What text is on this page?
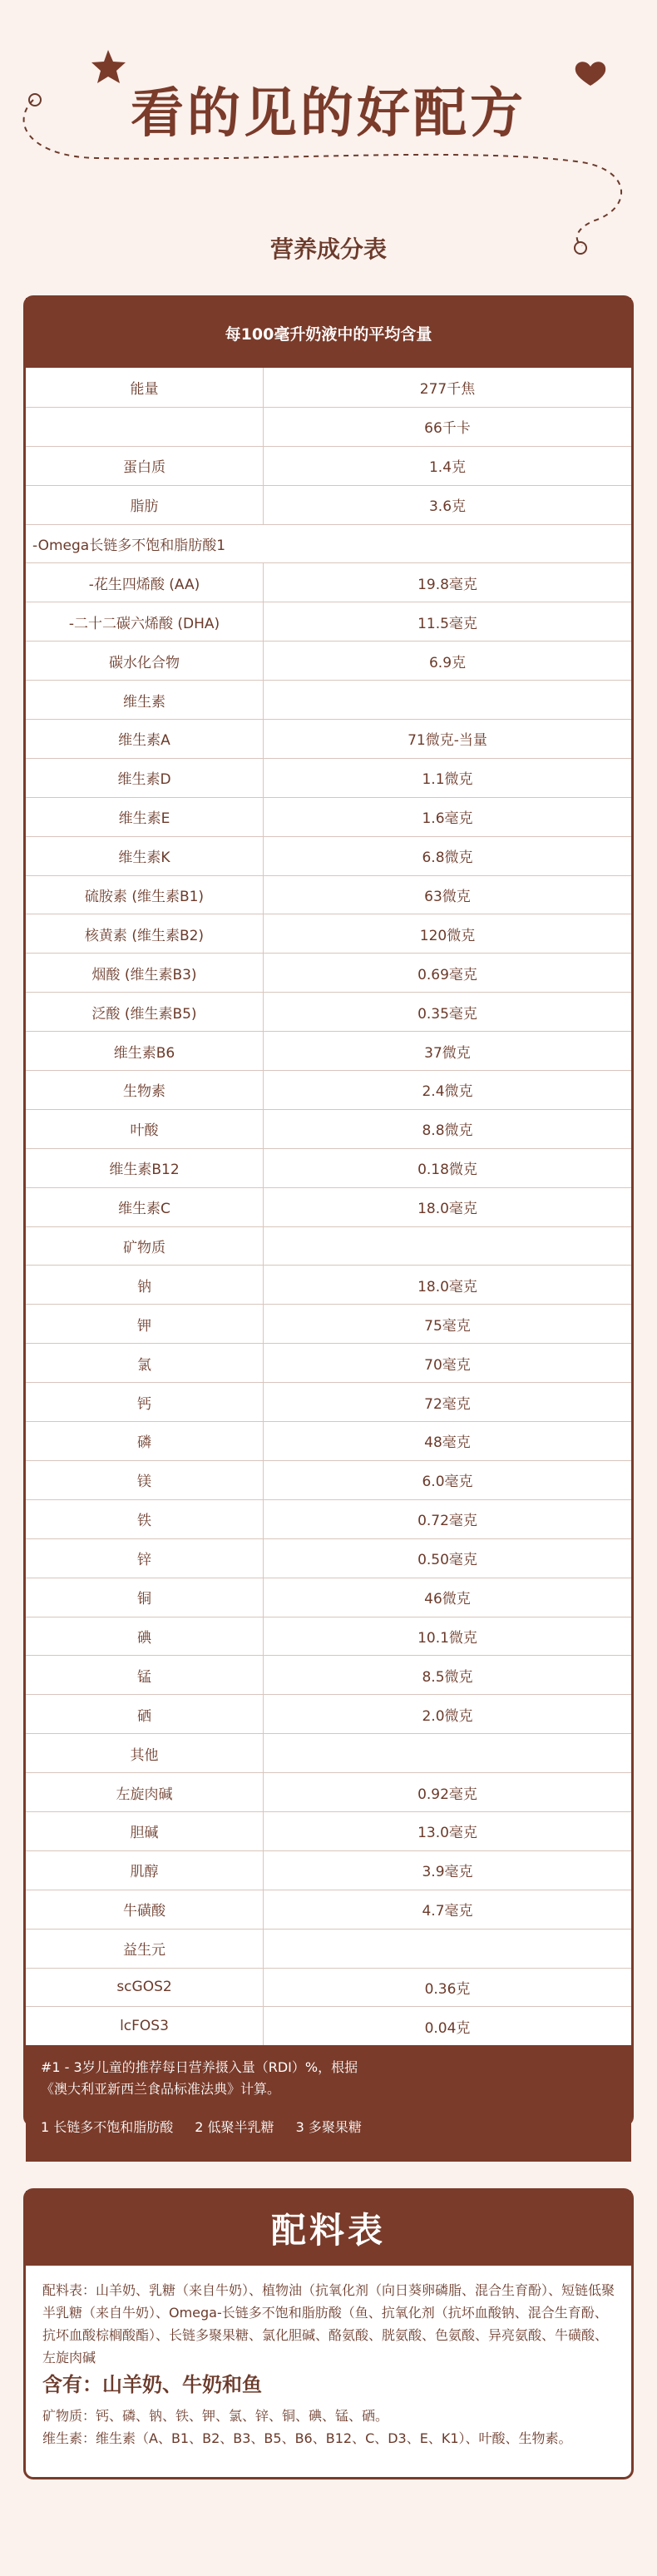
看的见的好配方
营养成分表
每100毫升奶液中的平均含量
能量	277千焦
66千卡
蛋白质	1.4克
脂肪	3.6克
-Omega长链多不饱和脂肪酸1
-花生四烯酸 (AA)	19.8毫克
-二十二碳六烯酸 (DHA)	11.5毫克
碳水化合物	6.9克
维生素
维生素A	71微克-当量
维生素D	1.1微克
维生素E	1.6毫克
维生素K	6.8微克
硫胺素 (维生素B1)	63微克
核黄素 (维生素B2)	120微克
烟酸 (维生素B3)	0.69毫克
泛酸 (维生素B5)	0.35毫克
维生素B6	37微克
生物素	2.4微克
叶酸	8.8微克
维生素B12	0.18微克
维生素C	18.0毫克
矿物质
钠	18.0毫克
钾	75毫克
氯	70毫克
钙	72毫克
磷	48毫克
镁	6.0毫克
铁	0.72毫克
锌	0.50毫克
铜	46微克
碘	10.1微克
锰	8.5微克
硒	2.0微克
其他
左旋肉碱	0.92毫克
胆碱	13.0毫克
肌醇	3.9毫克
牛磺酸	4.7毫克
益生元
scGOS2	0.36克
lcFOS3	0.04克
#1 - 3岁儿童的推荐每日营养摄入量（RDI）%，根据
《澳大利亚新西兰食品标准法典》计算。
1 长链多不饱和脂肪酸 2 低聚半乳糖 3 多聚果糖
配料表
配料表：山羊奶、乳糖（来自牛奶）、植物油（抗氧化剂（向日葵卵磷脂、混合生育酚）、短链低聚半乳糖（来自牛奶）、Omega-长链多不饱和脂肪酸（鱼、抗氧化剂（抗坏血酸钠、混合生育酚、抗坏血酸棕榈酸酯）、长链多聚果糖、氯化胆碱、酪氨酸、胱氨酸、色氨酸、异亮氨酸、牛磺酸、左旋肉碱
含有：山羊奶、牛奶和鱼
矿物质：钙、磷、钠、铁、钾、氯、锌、铜、碘、锰、硒。
维生素：维生素（A、B1、B2、B3、B5、B6、B12、C、D3、E、K1）、叶酸、生物素。
